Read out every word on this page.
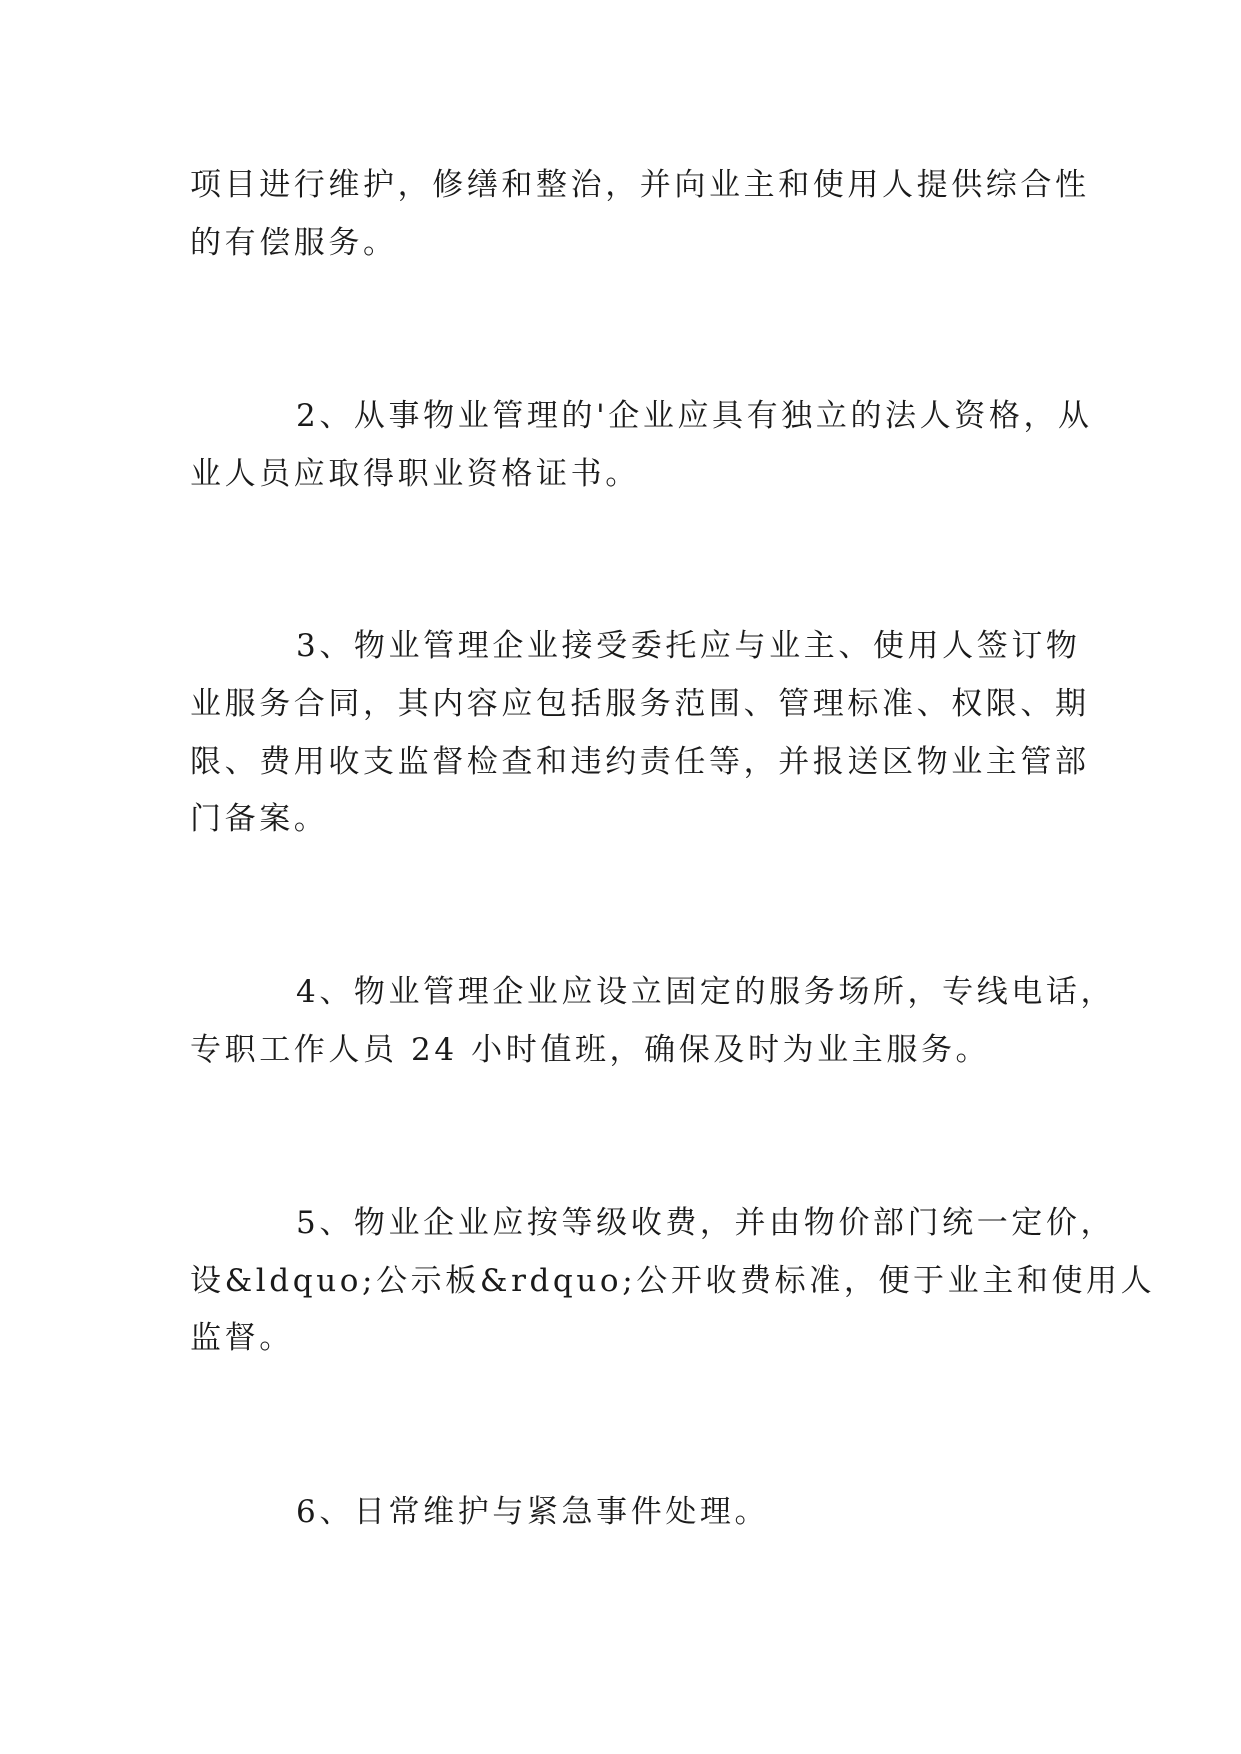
项目进行维护，修缮和整治，并向业主和使用人提供综合性
的有偿服务。
2、从事物业管理的'企业应具有独立的法人资格，从
业人员应取得职业资格证书。
3、物业管理企业接受委托应与业主、使用人签订物
业服务合同，其内容应包括服务范围、管理标准、权限、期
限、费用收支监督检查和违约责任等，并报送区物业主管部
门备案。
4、物业管理企业应设立固定的服务场所，专线电话，
专职工作人员 24 小时值班，确保及时为业主服务。
5、物业企业应按等级收费，并由物价部门统一定价，
设&ldquo;公示板&rdquo;公开收费标准，便于业主和使用人
监督。
6、日常维护与紧急事件处理。
